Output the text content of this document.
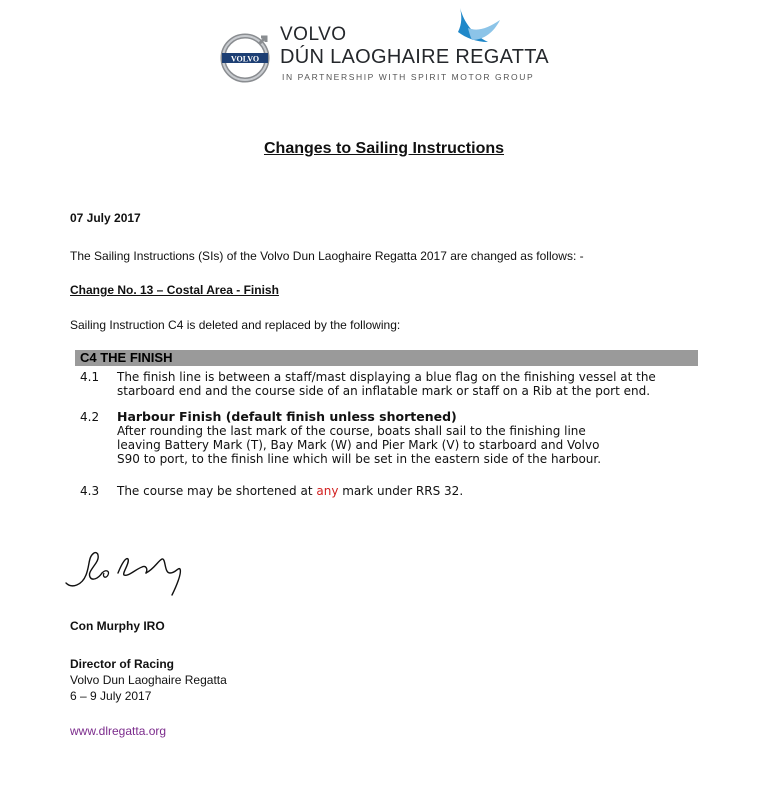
VOLVO
VOLVO
DÚN LAOGHAIRE REGATTA
IN PARTNERSHIP WITH SPIRIT MOTOR GROUP
Changes to Sailing Instructions
07 July 2017
The Sailing Instructions (SIs) of the Volvo Dun Laoghaire Regatta 2017 are changed as follows: -
Change No. 13 – Costal Area - Finish
Sailing Instruction C4 is deleted and replaced by the following:
C4 THE FINISH
4.1 The finish line is between a staff/mast displaying a blue flag on the finishing vessel at the
starboard end and the course side of an inflatable mark or staff on a Rib at the port end.
4.2 Harbour Finish (default finish unless shortened)
After rounding the last mark of the course, boats shall sail to the finishing line
leaving Battery Mark (T), Bay Mark (W) and Pier Mark (V) to starboard and Volvo
S90 to port, to the finish line which will be set in the eastern side of the harbour.
4.3 The course may be shortened at any mark under RRS 32.
Con Murphy IRO
Director of Racing
Volvo Dun Laoghaire Regatta
6 – 9 July 2017
www.dlregatta.org
